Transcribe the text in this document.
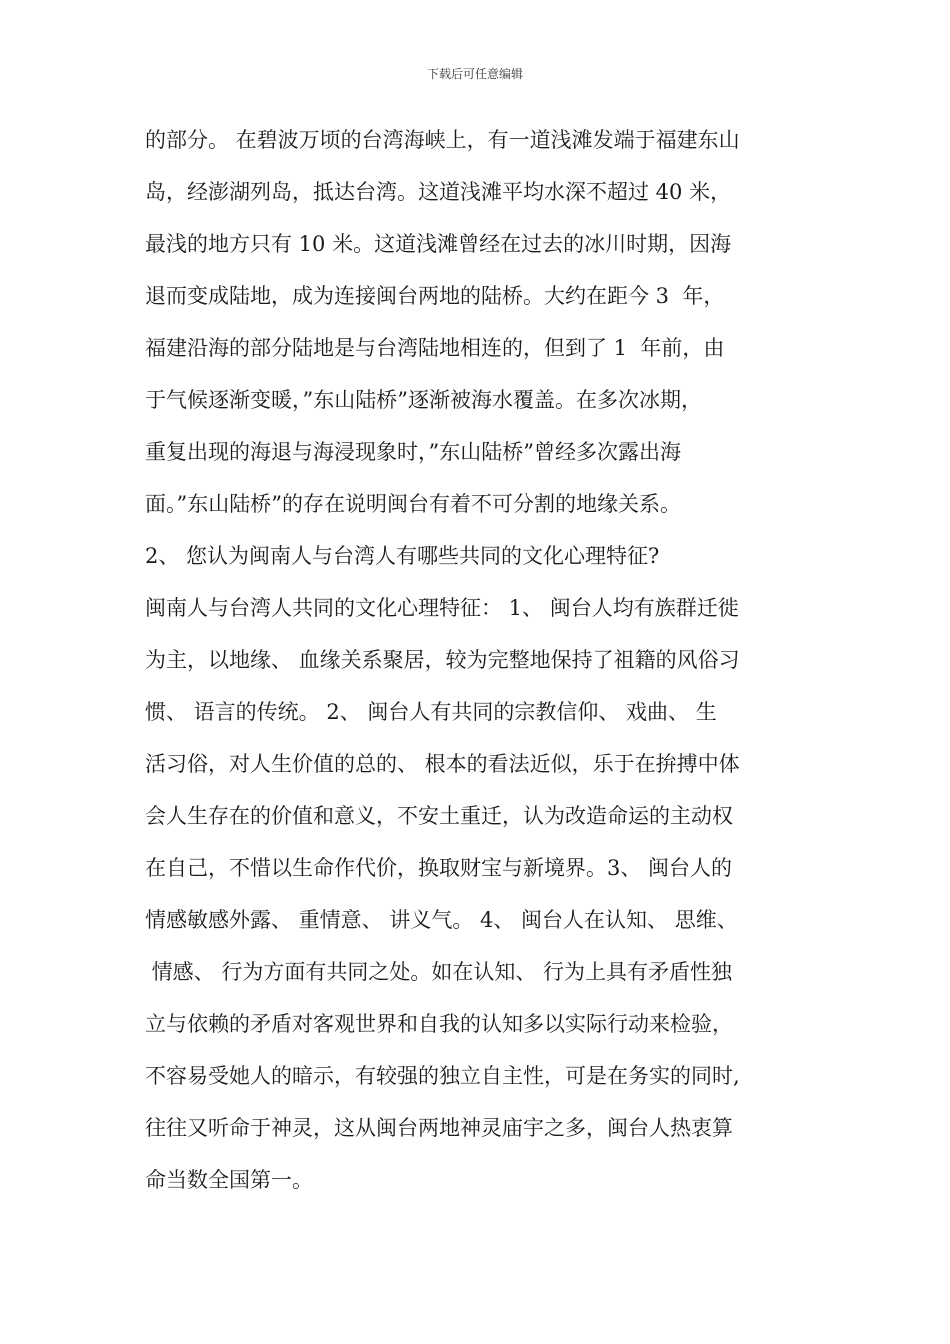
下载后可任意编辑
的部分。 在碧波万顷的台湾海峡上，有一道浅滩发端于福建东山
岛，经澎湖列岛，抵达台湾。这道浅滩平均水深不超过 40 米，
最浅的地方只有 10 米。这道浅滩曾经在过去的冰川时期，因海
退而变成陆地，成为连接闽台两地的陆桥。大约在距今 3  年，
福建沿海的部分陆地是与台湾陆地相连的，但到了 1  年前，由
于气候逐渐变暖，”东山陆桥”逐渐被海水覆盖。在多次冰期，
重复出现的海退与海浸现象时，”东山陆桥”曾经多次露出海
面。”东山陆桥”的存在说明闽台有着不可分割的地缘关系。
2、 您认为闽南人与台湾人有哪些共同的文化心理特征?
闽南人与台湾人共同的文化心理特征： 1、 闽台人均有族群迁徙
为主，以地缘、 血缘关系聚居，较为完整地保持了祖籍的风俗习
惯、 语言的传统。 2、 闽台人有共同的宗教信仰、 戏曲、 生
活习俗，对人生价值的总的、 根本的看法近似，乐于在拚搏中体
会人生存在的价值和意义，不安土重迁，认为改造命运的主动权
在自己，不惜以生命作代价，换取财宝与新境界。3、 闽台人的
情感敏感外露、 重情意、 讲义气。 4、 闽台人在认知、 思维、
情感、 行为方面有共同之处。如在认知、 行为上具有矛盾性独
立与依赖的矛盾对客观世界和自我的认知多以实际行动来检验，
不容易受她人的暗示，有较强的独立自主性，可是在务实的同时,
往往又听命于神灵，这从闽台两地神灵庙宇之多，闽台人热衷算
命当数全国第一。
